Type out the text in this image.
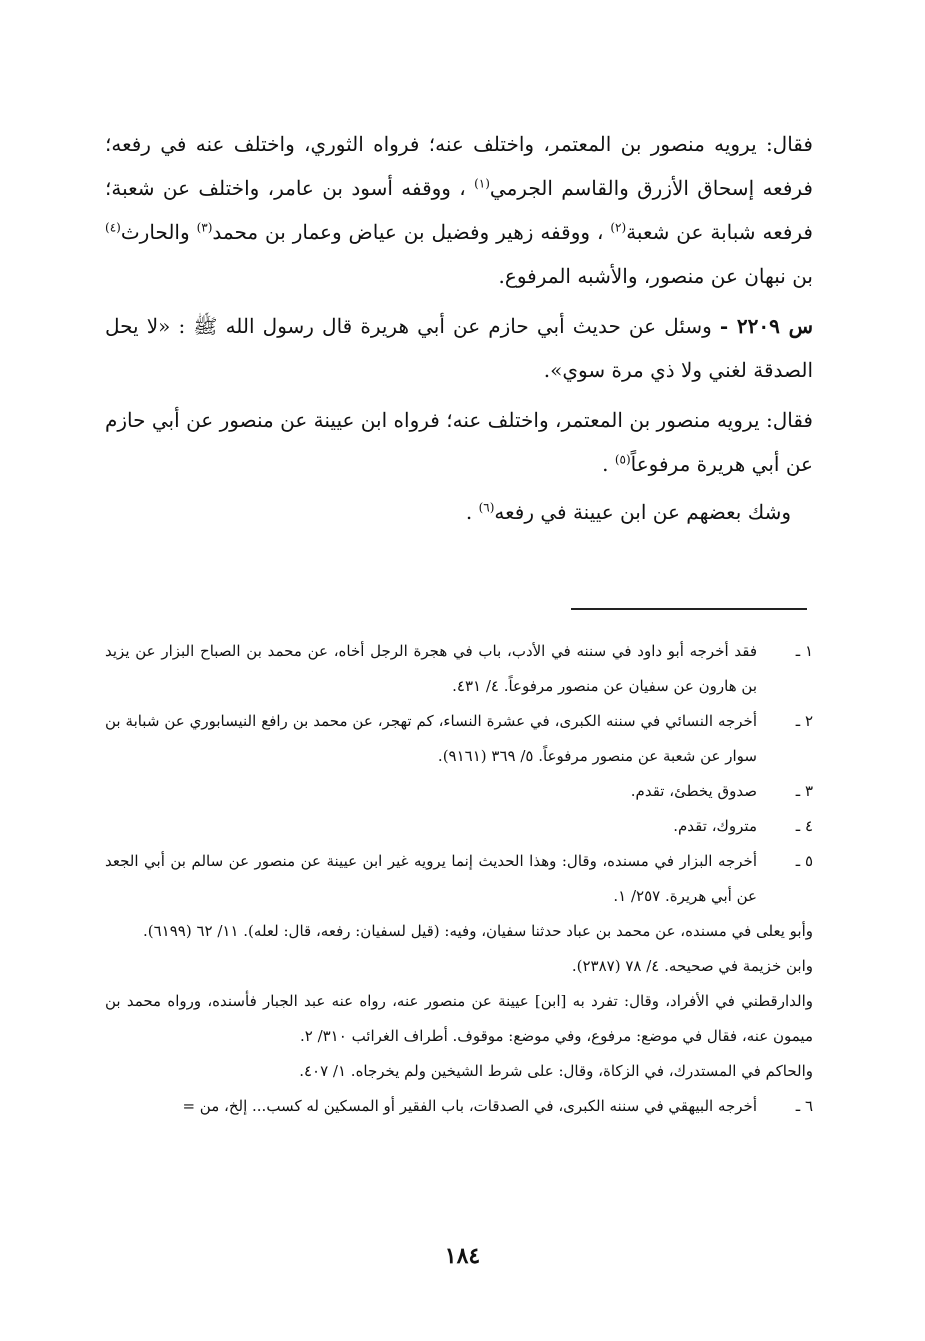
فقال: يرويه منصور بن المعتمر، واختلف عنه؛ فرواه الثوري، واختلف عنه في رفعه؛ فرفعه إسحاق الأزرق والقاسم الجرمي$^{(١)}$ ، ووقفه أسود بن عامر، واختلف عن شعبة؛ فرفعه شبابة عن شعبة$^{(٢)}$ ، ووقفه زهير وفضيل بن عياض وعمار بن محمد$^{(٣)}$ والحارث$^{(٤)}$ بن نبهان عن منصور، والأشبه المرفوع.

س ٢٢٠٩ - وسئل عن حديث أبي حازم عن أبي هريرة قال رسول الله ﷺ : «لا يحل الصدقة لغني ولا ذي مرة سوي».

فقال: يرويه منصور بن المعتمر، واختلف عنه؛ فرواه ابن عيينة عن منصور عن أبي حازم عن أبي هريرة مرفوعاً$^{(٥)}$ .

وشك بعضهم عن ابن عيينة في رفعه$^{(٦)}$ .

١ ـ

فقد أخرجه أبو داود في سننه في الأدب، باب في هجرة الرجل أخاه، عن محمد بن الصباح البزار عن يزيد بن هارون عن سفيان عن منصور مرفوعاً. ٤/ ٤٣١.

٢ ـ

أخرجه النسائي في سننه الكبرى، في عشرة النساء، كم تهجر، عن محمد بن رافع النيسابوري عن شبابة بن سوار عن شعبة عن منصور مرفوعاً. ٥/ ٣٦٩ (٩١٦١).

٣ ـ

صدوق يخطئ، تقدم.

٤ ـ

متروك، تقدم.

٥ ـ

أخرجه البزار في مسنده، وقال: وهذا الحديث إنما يرويه غير ابن عيينة عن منصور عن سالم بن أبي الجعد عن أبي هريرة. ٢٥٧/ ١.

وأبو يعلى في مسنده، عن محمد بن عباد حدثنا سفيان، وفيه: (قيل لسفيان: رفعه، قال: لعله). ١١/ ٦٢ (٦١٩٩).

وابن خزيمة في صحيحه. ٤/ ٧٨ (٢٣٨٧).

والدارقطني في الأفراد، وقال: تفرد به [ابن] عيينة عن منصور عنه، رواه عنه عبد الجبار فأسنده، ورواه محمد بن ميمون عنه، فقال في موضع: مرفوع، وفي موضع: موقوف. أطراف الغرائب ٣١٠/ ٢.

والحاكم في المستدرك، في الزكاة، وقال: على شرط الشيخين ولم يخرجاه. ١/ ٤٠٧.

٦ ـ

أخرجه البيهقي في سننه الكبرى، في الصدقات، باب الفقير أو المسكين له كسب... إلخ، من =

١٨٤
